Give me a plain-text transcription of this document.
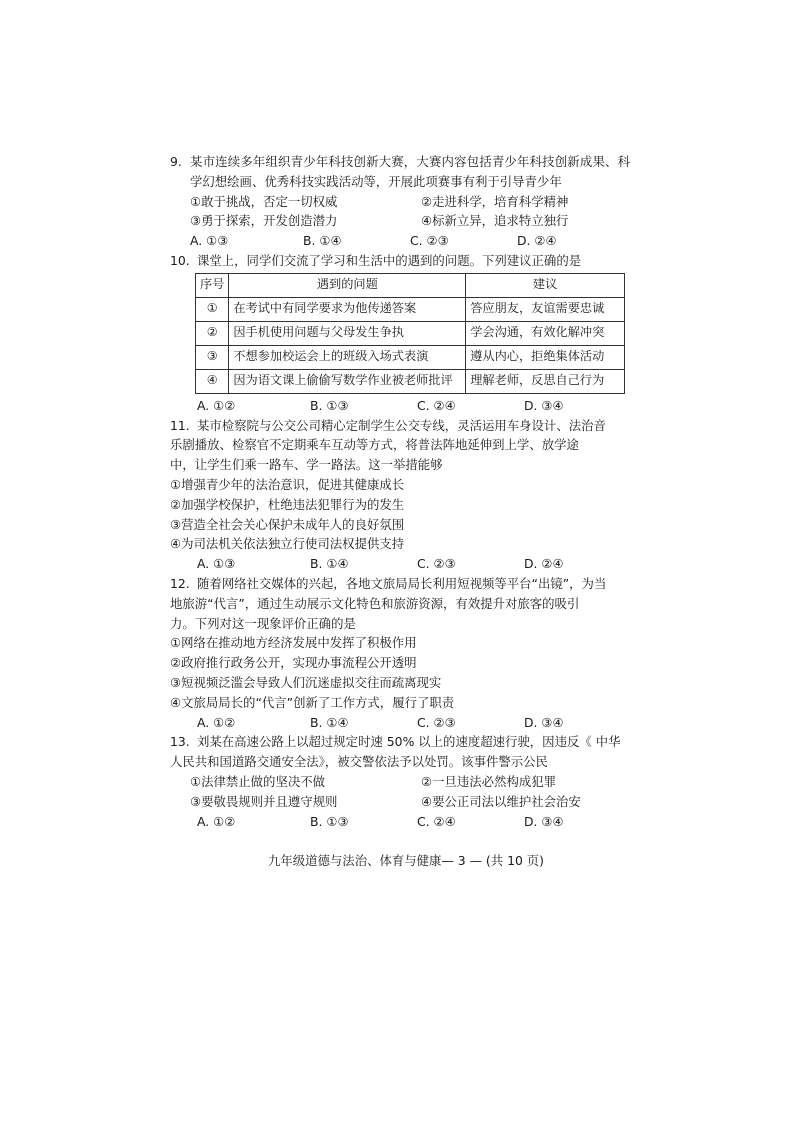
9. 某市连续多年组织青少年科技创新大赛，大赛内容包括青少年科技创新成果、科学幻想绘画、优秀科技实践活动等，开展此项赛事有利于引导青少年
①敢于挑战，否定一切权威	②走进科学，培育科学精神
③勇于探索，开发创造潜力	④标新立异，追求特立独行
A. ①③	B. ①④	C. ②③	D. ②④
10. 课堂上，同学们交流了学习和生活中的遇到的问题。下列建议正确的是
序号	遇到的问题	建议
①	在考试中有同学要求为他传递答案	答应朋友，友谊需要忠诚
②	因手机使用问题与父母发生争执	学会沟通，有效化解冲突
③	不想参加校运会上的班级入场式表演	遵从内心，拒绝集体活动
④	因为语文课上偷偷写数学作业被老师批评	理解老师，反思自己行为
A. ①②	B. ①③	C. ②④	D. ③④
11. 某市检察院与公交公司精心定制学生公交专线，灵活运用车身设计、法治音
乐剧播放、检察官不定期乘车互动等方式，将普法阵地延伸到上学、放学途
中，让学生们乘一路车、学一路法。这一举措能够
①增强青少年的法治意识，促进其健康成长
②加强学校保护，杜绝违法犯罪行为的发生
③营造全社会关心保护未成年人的良好氛围
④为司法机关依法独立行使司法权提供支持
A. ①③	B. ①④	C. ②③	D. ②④
12. 随着网络社交媒体的兴起，各地文旅局局长利用短视频等平台“出镜”，为当
地旅游“代言”，通过生动展示文化特色和旅游资源，有效提升对旅客的吸引
力。下列对这一现象评价正确的是
①网络在推动地方经济发展中发挥了积极作用
②政府推行政务公开，实现办事流程公开透明
③短视频泛滥会导致人们沉迷虚拟交往而疏离现实
④文旅局局长的“代言”创新了工作方式，履行了职责
A. ①②	B. ①④	C. ②③	D. ③④
13. 刘某在高速公路上以超过规定时速 50% 以上的速度超速行驶，因违反《 中华
人民共和国道路交通安全法》，被交警依法予以处罚。该事件警示公民
①法律禁止做的坚决不做	②一旦违法必然构成犯罪
③要敬畏规则并且遵守规则	④要公正司法以维护社会治安
A. ①②	B. ①③	C. ②④	D. ③④
九年级道德与法治、体育与健康— 3 — (共 10 页)
